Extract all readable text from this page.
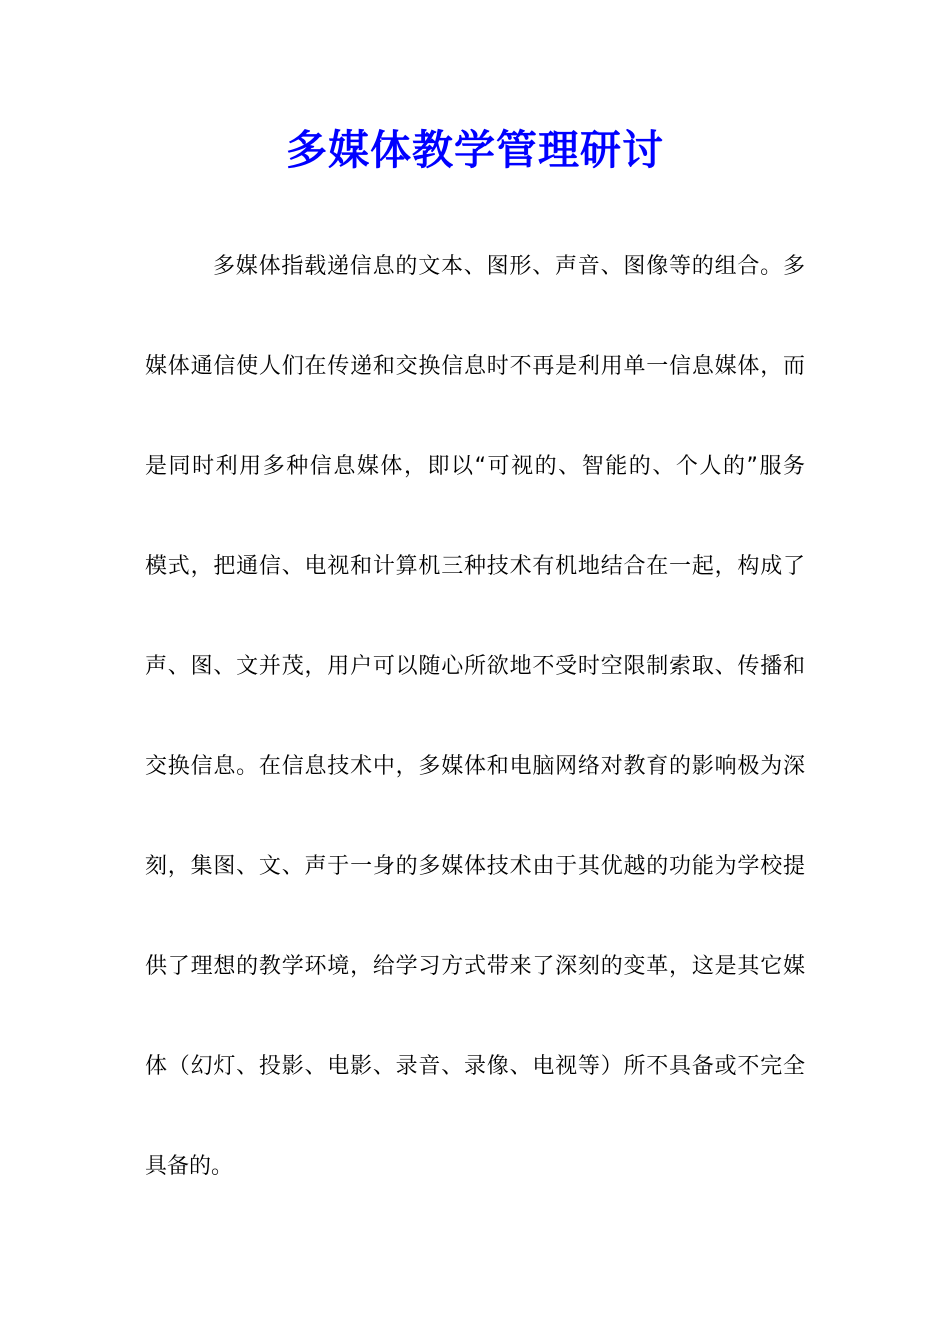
多媒体教学管理研讨
多媒体指载递信息的文本、图形、声音、图像等的组合。多
媒体通信使人们在传递和交换信息时不再是利用单一信息媒体，而
是同时利用多种信息媒体，即以“可视的、智能的、个人的”服务
模式，把通信、电视和计算机三种技术有机地结合在一起，构成了
声、图、文并茂，用户可以随心所欲地不受时空限制索取、传播和
交换信息。在信息技术中，多媒体和电脑网络对教育的影响极为深
刻，集图、文、声于一身的多媒体技术由于其优越的功能为学校提
供了理想的教学环境，给学习方式带来了深刻的变革，这是其它媒
体（幻灯、投影、电影、录音、录像、电视等）所不具备或不完全
具备的。
